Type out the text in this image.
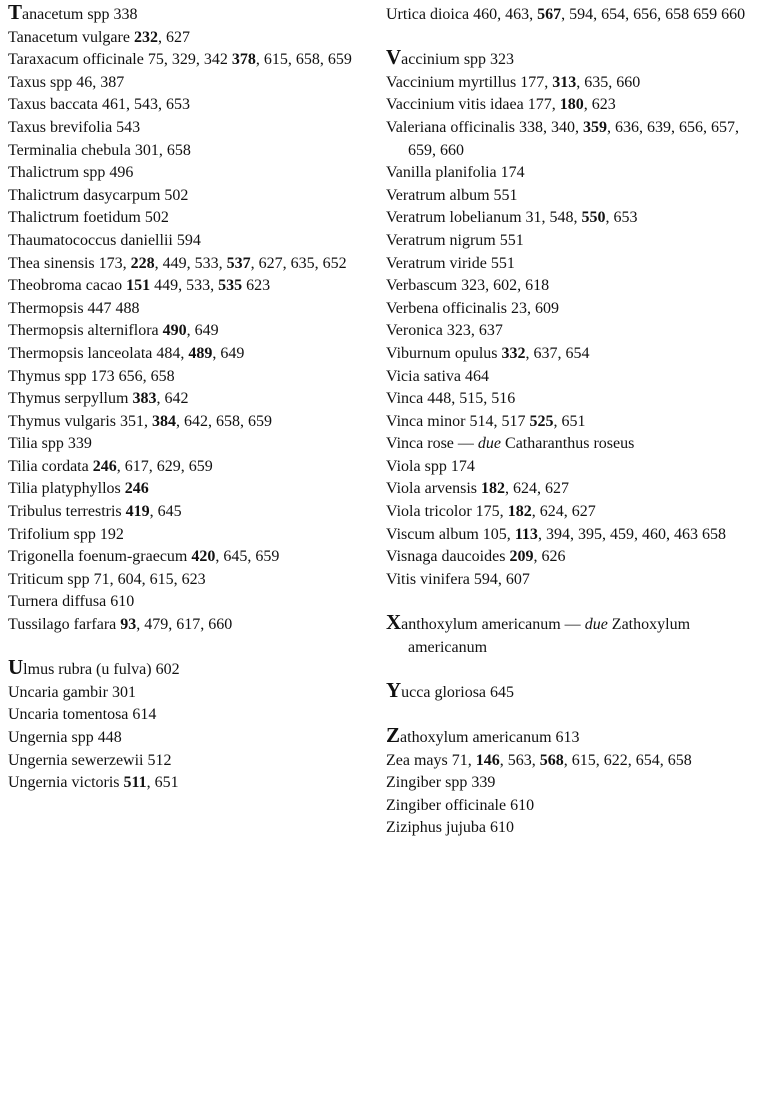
Tanacetum spp 338
Tanacetum vulgare 232, 627
Taraxacum officinale 75, 329, 342 378, 615, 658, 659
Taxus spp 46, 387
Taxus baccata 461, 543, 653
Taxus brevifolia 543
Terminalia chebula 301, 658
Thalictrum spp 496
Thalictrum dasycarpum 502
Thalictrum foetidum 502
Thaumatococcus daniellii 594
Thea sinensis 173, 228, 449, 533, 537, 627, 635, 652
Theobroma cacao 151 449, 533, 535 623
Thermopsis 447 488
Thermopsis alterniflora 490, 649
Thermopsis lanceolata 484, 489, 649
Thymus spp 173 656, 658
Thymus serpyllum 383, 642
Thymus vulgaris 351, 384, 642, 658, 659
Tilia spp 339
Tilia cordata 246, 617, 629, 659
Tilia platyphyllos 246
Tribulus terrestris 419, 645
Trifolium spp 192
Trigonella foenum-graecum 420, 645, 659
Triticum spp 71, 604, 615, 623
Turnera diffusa 610
Tussilago farfara 93, 479, 617, 660
Ulmus rubra (u fulva) 602
Uncaria gambir 301
Uncaria tomentosa 614
Ungernia spp 448
Ungernia sewerzewii 512
Ungernia victoris 511, 651
Urtica dioica 460, 463, 567, 594, 654, 656, 658 659 660
Vaccinium spp 323
Vaccinium myrtillus 177, 313, 635, 660
Vaccinium vitis idaea 177, 180, 623
Valeriana officinalis 338, 340, 359, 636, 639, 656, 657, 659, 660
Vanilla planifolia 174
Veratrum album 551
Veratrum lobelianum 31, 548, 550, 653
Veratrum nigrum 551
Veratrum viride 551
Verbascum 323, 602, 618
Verbena officinalis 23, 609
Veronica 323, 637
Viburnum opulus 332, 637, 654
Vicia sativa 464
Vinca 448, 515, 516
Vinca minor 514, 517 525, 651
Vinca rose — due Catharanthus roseus
Viola spp 174
Viola arvensis 182, 624, 627
Viola tricolor 175, 182, 624, 627
Viscum album 105, 113, 394, 395, 459, 460, 463 658
Visnaga daucoides 209, 626
Vitis vinifera 594, 607
Xanthoxylum americanum — due Zathoxylum americanum
Yucca gloriosa 645
Zathoxylum americanum 613
Zea mays 71, 146, 563, 568, 615, 622, 654, 658
Zingiber spp 339
Zingiber officinale 610
Ziziphus jujuba 610
